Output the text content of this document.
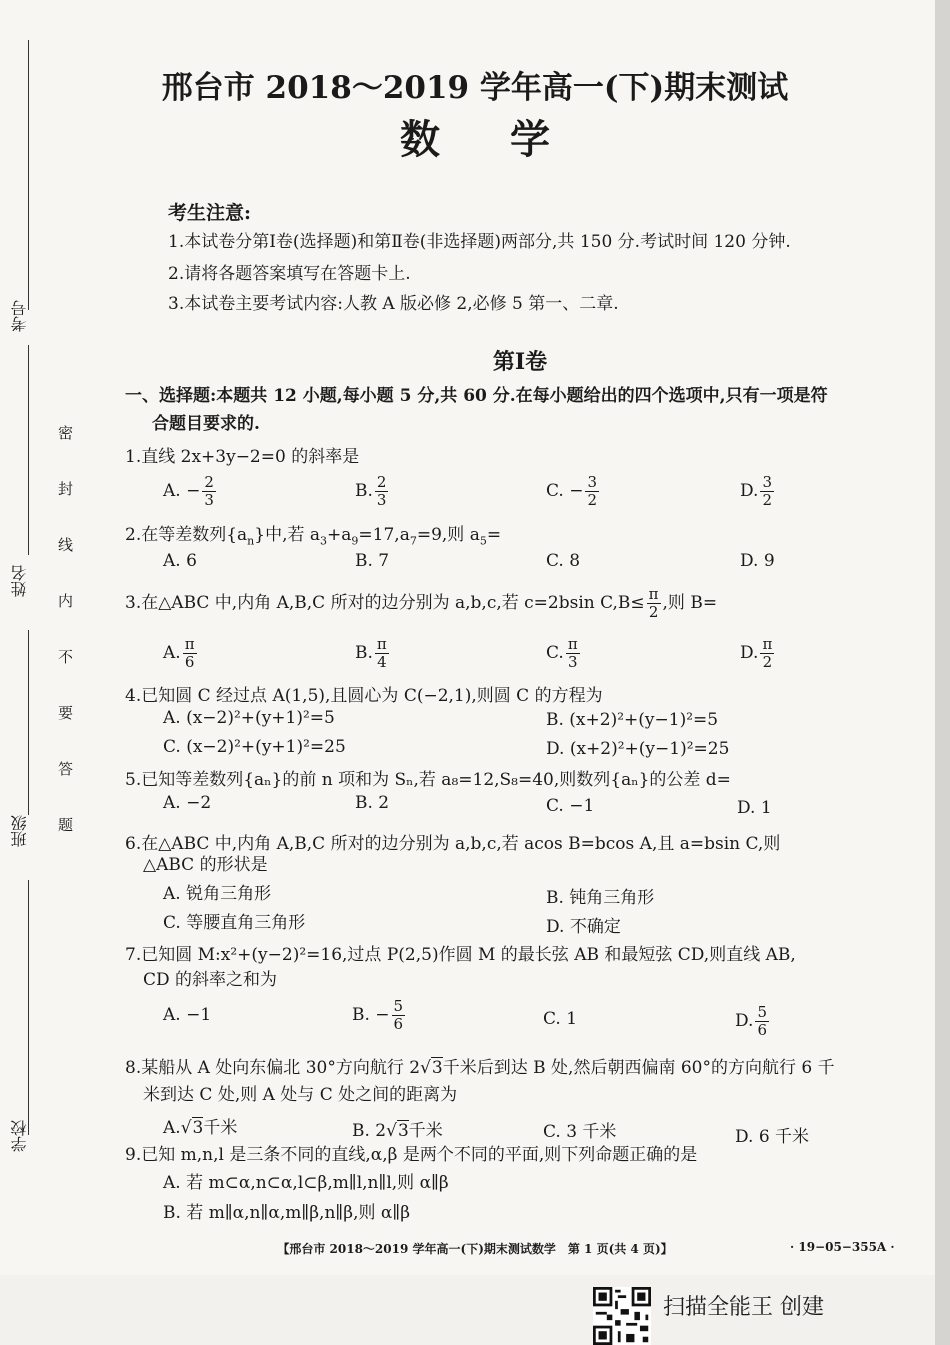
考号
姓名
班级
学校
密封线内不要答题
邢台市 2018～2019 学年高一(下)期末测试
数学
考生注意:
1.本试卷分第Ⅰ卷(选择题)和第Ⅱ卷(非选择题)两部分,共 150 分.考试时间 120 分钟.
2.请将各题答案填写在答题卡上.
3.本试卷主要考试内容:人教 A 版必修 2,必修 5 第一、二章.
第Ⅰ卷
一、选择题:本题共 12 小题,每小题 5 分,共 60 分.在每小题给出的四个选项中,只有一项是符
合题目要求的.
1.直线 2x+3y−2=0 的斜率是
A. − $\frac{2}{3}$	B. $\frac{2}{3}$	C. − $\frac{3}{2}$	D. $\frac{3}{2}$
2.在等差数列$\{a_n\}$中,若 $a_3+a_9=17,a_7=9$,则 $a_5=$
A. 6	B. 7	C. 8	D. 9
3.在△ABC 中,内角 A,B,C 所对的边分别为 a,b,c,若 c=2bsin $C,B\le \frac{\pi}{2}$ ,则 B=
A. $\frac{\pi}{6}$	B. $\frac{\pi}{4}$	C. $\frac{\pi}{3}$	D. $\frac{\pi}{2}$
4.已知圆 C 经过点 A(1,5),且圆心为 C(−2,1),则圆 C 的方程为
A. (x−2)²+(y+1)²=5	B. (x+2)²+(y−1)²=5
C. (x−2)²+(y+1)²=25	D. (x+2)²+(y−1)²=25
5.已知等差数列{aₙ}的前 n 项和为 Sₙ,若 a₈=12,S₈=40,则数列{aₙ}的公差 d=
A. −2	B. 2	C. −1	D. 1
6.在△ABC 中,内角 A,B,C 所对的边分别为 a,b,c,若 acos B=bcos A,且 a=bsin C,则
△ABC 的形状是
A. 锐角三角形	B. 钝角三角形
C. 等腰直角三角形	D. 不确定
7.已知圆 M:x²+(y−2)²=16,过点 P(2,5)作圆 M 的最长弦 AB 和最短弦 CD,则直线 AB,
CD 的斜率之和为
A. −1	B. − $\frac{5}{6}$	C. 1	D. $\frac{5}{6}$
8.某船从 A 处向东偏北 30°方向航行 2√3千米后到达 B 处,然后朝西偏南 60°的方向航行 6 千
米到达 C 处,则 A 处与 C 处之间的距离为
A.√3千米	B. 2√3千米	C. 3 千米	D. 6 千米
9.已知 m,n,l 是三条不同的直线,α,β 是两个不同的平面,则下列命题正确的是
A. 若 m⊂α,n⊂α,l⊂β,m∥l,n∥l,则 α∥β
B. 若 m∥α,n∥α,m∥β,n∥β,则 α∥β
【邢台市 2018～2019 学年高一(下)期末测试数学　第 1 页(共 4 页)】	· 19−05−355A ·
扫描全能王 创建
